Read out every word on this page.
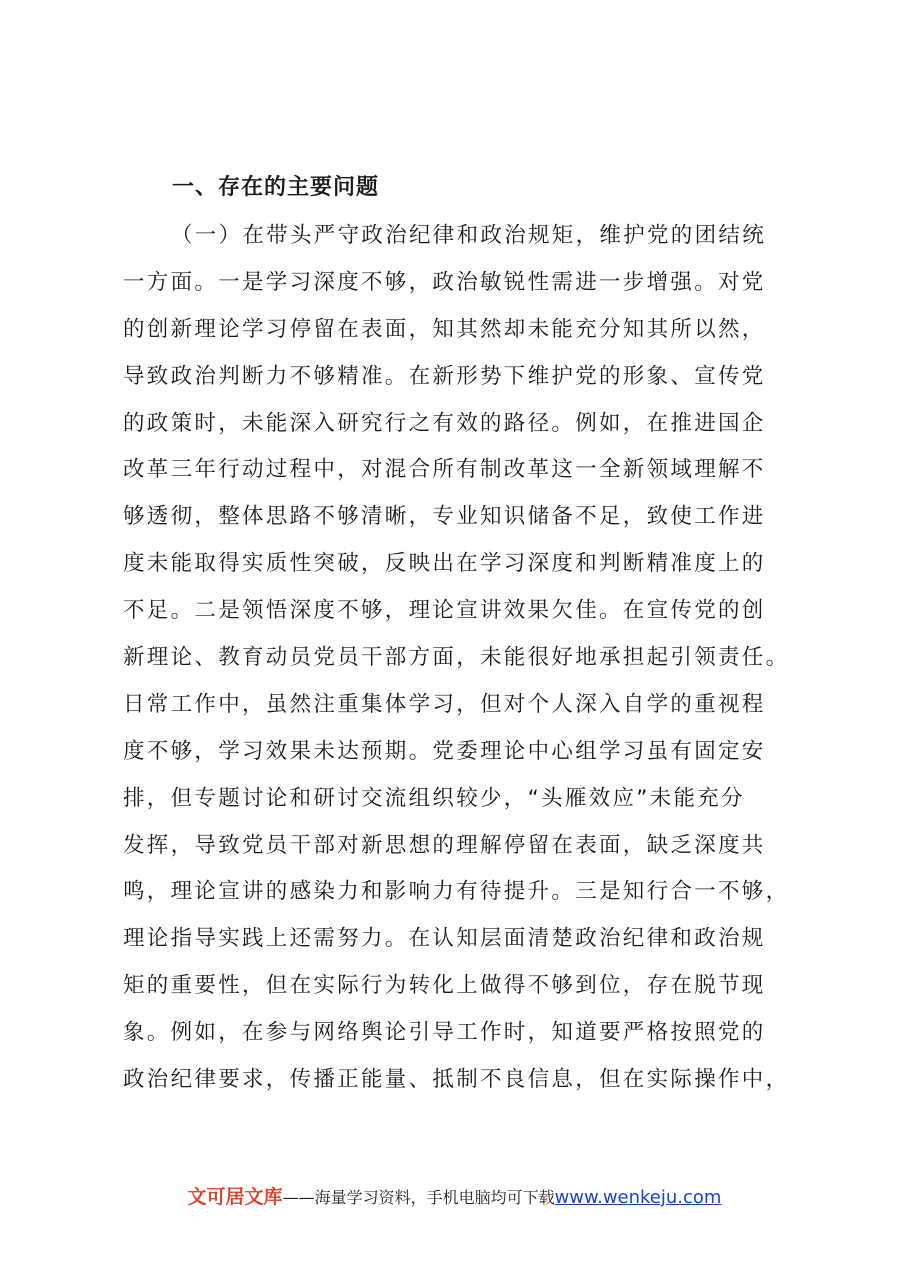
一、存在的主要问题
（一）在带头严守政治纪律和政治规矩，维护党的团结统
一方面。一是学习深度不够，政治敏锐性需进一步增强。对党
的创新理论学习停留在表面，知其然却未能充分知其所以然，
导致政治判断力不够精准。在新形势下维护党的形象、宣传党
的政策时，未能深入研究行之有效的路径。例如，在推进国企
改革三年行动过程中，对混合所有制改革这一全新领域理解不
够透彻，整体思路不够清晰，专业知识储备不足，致使工作进
度未能取得实质性突破，反映出在学习深度和判断精准度上的
不足。二是领悟深度不够，理论宣讲效果欠佳。在宣传党的创
新理论、教育动员党员干部方面，未能很好地承担起引领责任。
日常工作中，虽然注重集体学习，但对个人深入自学的重视程
度不够，学习效果未达预期。党委理论中心组学习虽有固定安
排，但专题讨论和研讨交流组织较少，“头雁效应”未能充分
发挥，导致党员干部对新思想的理解停留在表面，缺乏深度共
鸣，理论宣讲的感染力和影响力有待提升。三是知行合一不够，
理论指导实践上还需努力。在认知层面清楚政治纪律和政治规
矩的重要性，但在实际行为转化上做得不够到位，存在脱节现
象。例如，在参与网络舆论引导工作时，知道要严格按照党的
政治纪律要求，传播正能量、抵制不良信息，但在实际操作中，
文可居文库——海量学习资料，手机电脑均可下载www.wenkeju.com
